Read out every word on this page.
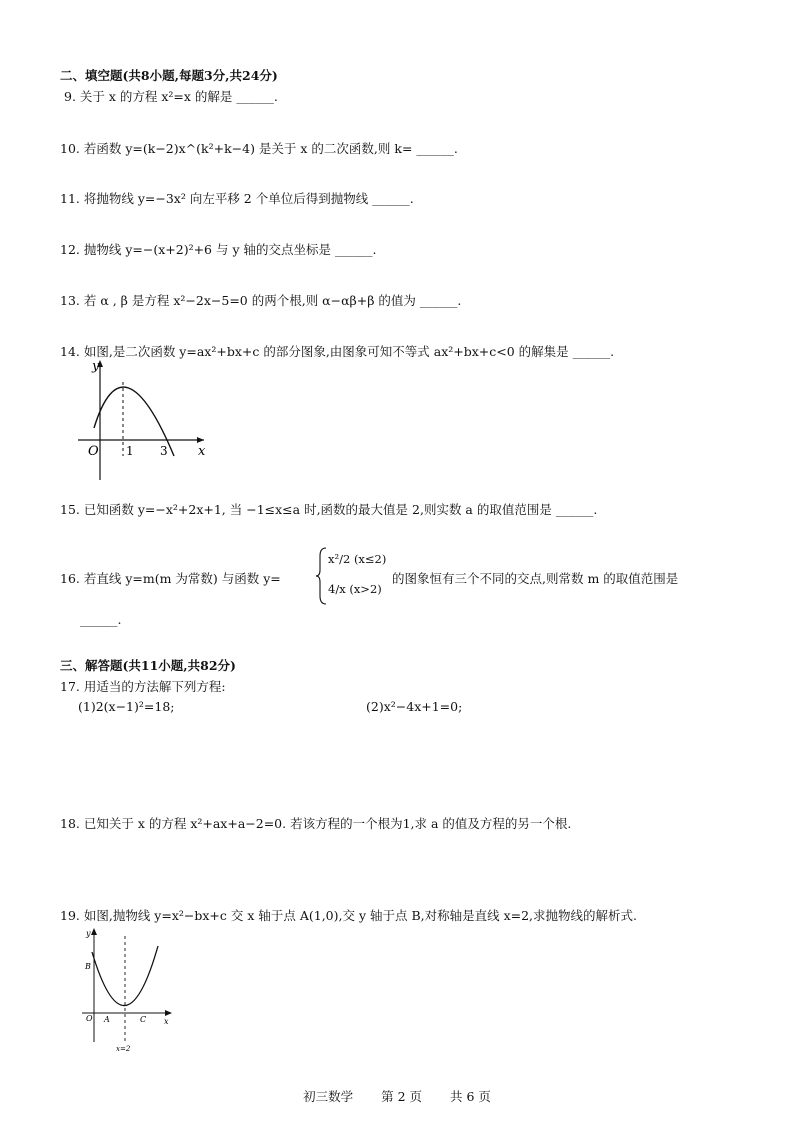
二、填空题(共8小题,每题3分,共24分)
9. 关于 x 的方程 x²=x 的解是 ______.
10. 若函数 y=(k−2)x^(k²+k−4) 是关于 x 的二次函数,则 k= ______.
11. 将抛物线 y=−3x² 向左平移 2 个单位后得到抛物线 ______.
12. 抛物线 y=−(x+2)²+6 与 y 轴的交点坐标是 ______.
13. 若 α , β 是方程 x²−2x−5=0 的两个根,则 α−αβ+β 的值为 ______.
14. 如图,是二次函数 y=ax²+bx+c 的部分图象,由图象可知不等式 ax²+bx+c<0 的解集是 ______.
y
x
O 1 3
15. 已知函数 y=−x²+2x+1, 当 −1≤x≤a 时,函数的最大值是 2,则实数 a 的取值范围是 ______.
16. 若直线 y=m(m 为常数) 与函数 y=
x²/2 (x≤2)
4/x (x>2)
的图象恒有三个不同的交点,则常数 m 的取值范围是
______.
三、解答题(共11小题,共82分)
17. 用适当的方法解下列方程:
(1)2(x−1)²=18;	(2)x²−4x+1=0;
18. 已知关于 x 的方程 x²+ax+a−2=0. 若该方程的一个根为1,求 a 的值及方程的另一个根.
19. 如图,抛物线 y=x²−bx+c 交 x 轴于点 A(1,0),交 y 轴于点 B,对称轴是直线 x=2,求抛物线的解析式.
y
x
O
B
A	C
x=2
初三数学 第 2 页 共 6 页
